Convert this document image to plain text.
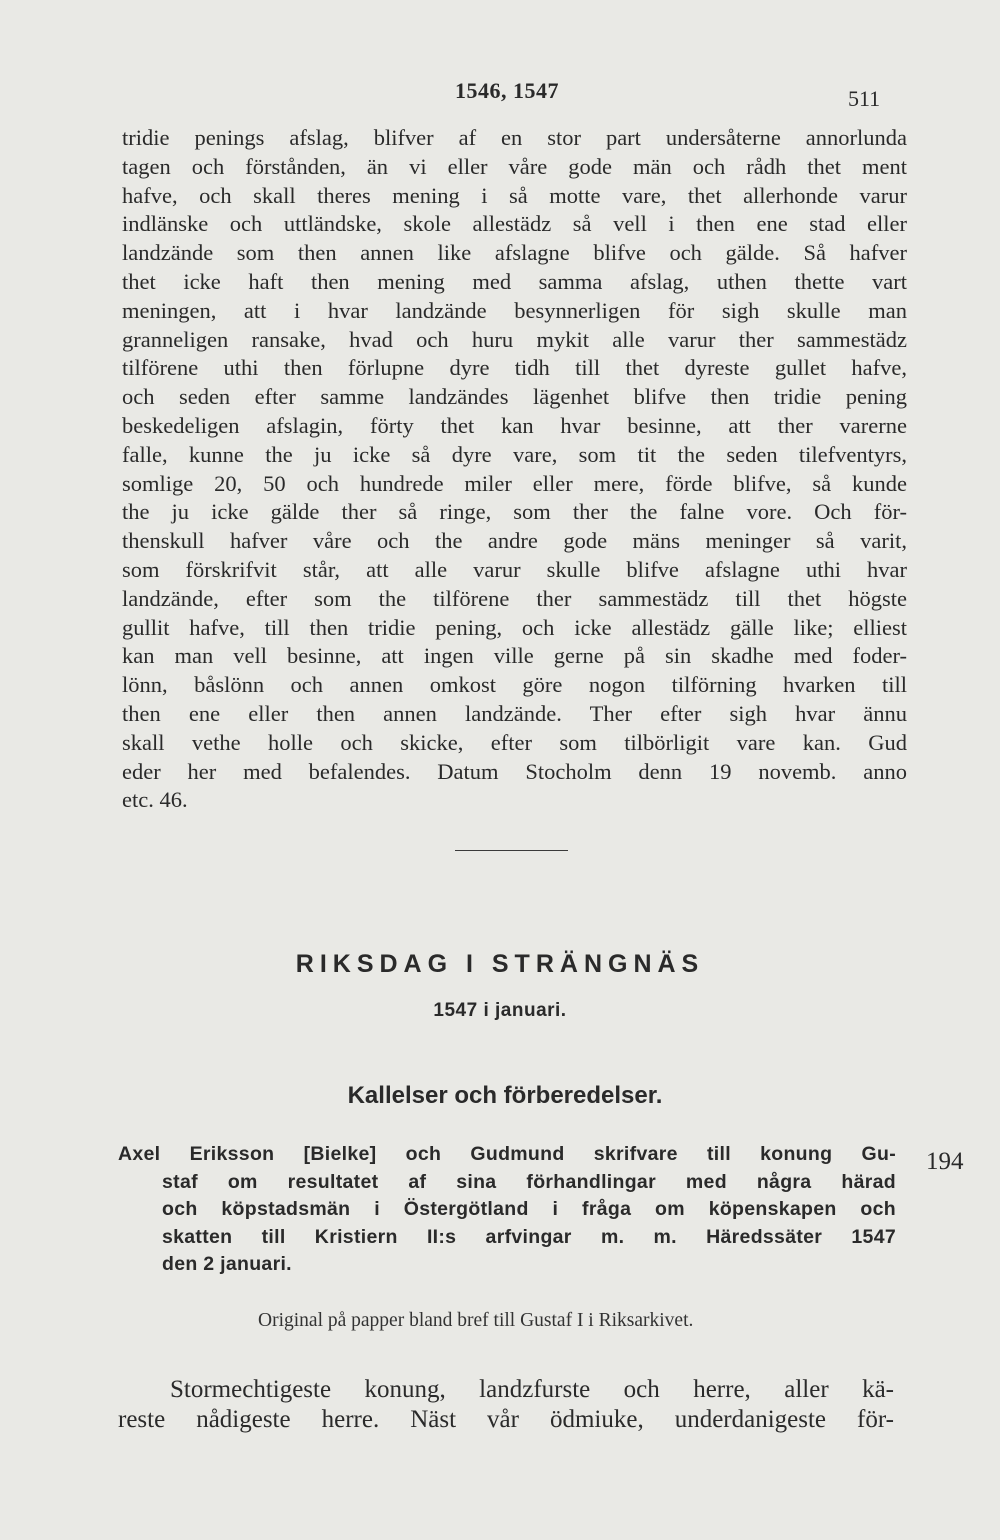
1546, 1547	511
tridie penings afslag, blifver af en stor part undersåterne annorlunda
tagen och förstånden, än vi eller våre gode män och rådh thet ment
hafve, och skall theres mening i så motte vare, thet allerhonde varur
indlänske och uttländske, skole allestädz så vell i then ene stad eller
landzände som then annen like afslagne blifve och gälde. Så hafver
thet icke haft then mening med samma afslag, uthen thette vart
meningen, att i hvar landzände besynnerligen för sigh skulle man
granneligen ransake, hvad och huru mykit alle varur ther sammestädz
tilförene uthi then förlupne dyre tidh till thet dyreste gullet hafve,
och seden efter samme landzändes lägenhet blifve then tridie pening
beskedeligen afslagin, förty thet kan hvar besinne, att ther varerne
falle, kunne the ju icke så dyre vare, som tit the seden tilefventyrs,
somlige 20, 50 och hundrede miler eller mere, förde blifve, så kunde
the ju icke gälde ther så ringe, som ther the falne vore. Och för-
thenskull hafver våre och the andre gode mäns meninger så varit,
som förskrifvit står, att alle varur skulle blifve afslagne uthi hvar
landzände, efter som the tilförene ther sammestädz till thet högste
gullit hafve, till then tridie pening, och icke allestädz gälle like; elliest
kan man vell besinne, att ingen ville gerne på sin skadhe med foder-
lönn, båslönn och annen omkost göre nogon tilförning hvarken till
then ene eller then annen landzände. Ther efter sigh hvar ännu
skall vethe holle och skicke, efter som tilbörligit vare kan. Gud
eder her med befalendes. Datum Stocholm denn 19 novemb. anno
etc. 46.
RIKSDAG I STRÄNGNÄS
1547 i januari.
Kallelser och förberedelser.
Axel Eriksson [Bielke] och Gudmund skrifvare till konung Gu-
staf om resultatet af sina förhandlingar med några härad
och köpstadsmän i Östergötland i fråga om köpenskapen och
skatten till Kristiern II:s arfvingar m. m. Häredssäter 1547
den 2 januari.
194
Original på papper bland bref till Gustaf I i Riksarkivet.
Stormechtigeste konung, landzfurste och herre, aller kä-
reste nådigeste herre. Näst vår ödmiuke, underdanigeste för-
